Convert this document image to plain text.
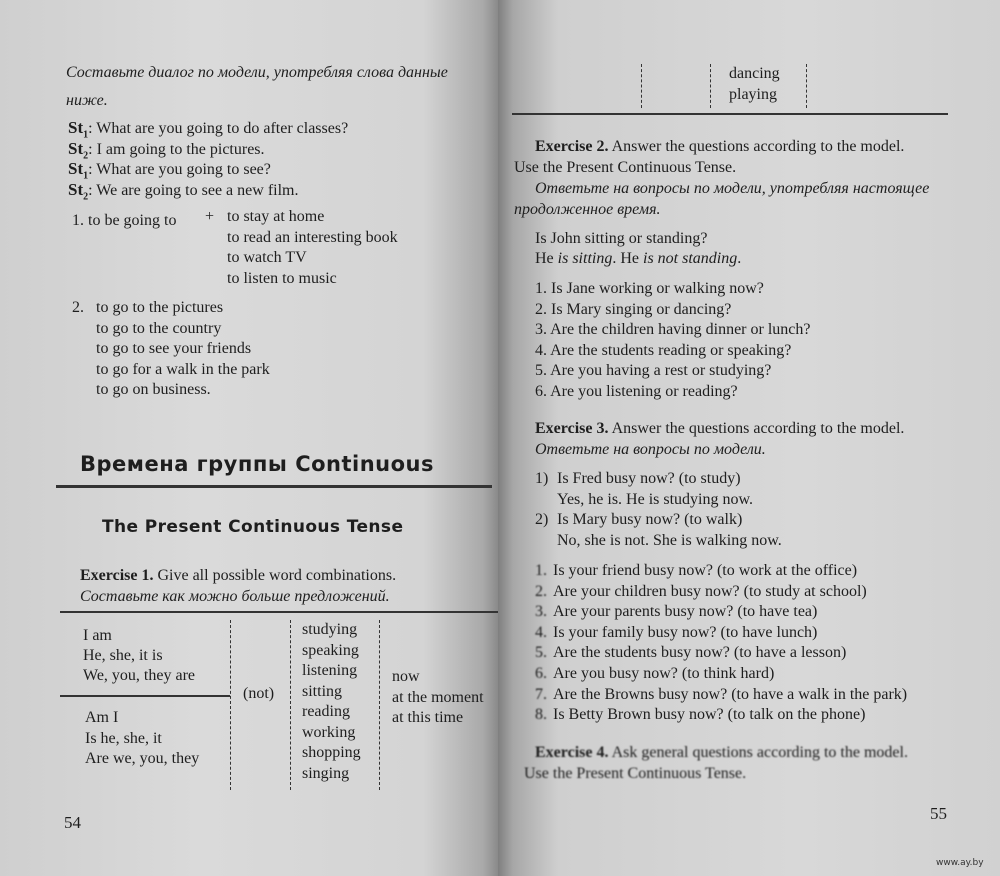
Составьте диалог по модели, употребляя слова данные
ниже.
$St_1$: What are you going to do after classes?
$St_2$: I am going to the pictures.
$St_1$: What are you going to see?
$St_2$: We are going to see a new film.
1. to be going to + to stay at home
to read an interesting book
to watch TV
to listen to music
2. to go to the pictures
to go to the country
to go to see your friends
to go for a walk in the park
to go on business.
Времена группы Continuous
The Present Continuous Tense
Exercise 1. Give all possible word combinations.
Составьте как можно больше предложений.
I am
He, she, it is
We, you, they are
Am I
Is he, she, it
Are we, you, they
(not)
studying
speaking
listening
sitting
reading
working
shopping
singing
now
at the moment
at this time
54
dancing
playing
Exercise 2. Answer the questions according to the model.
Use the Present Continuous Tense.
Ответьте на вопросы по модели, употребляя настоящее
продолженное время.
Is John sitting or standing?
He is sitting. He is not standing.
1. Is Jane working or walking now?
2. Is Mary singing or dancing?
3. Are the children having dinner or lunch?
4. Are the students reading or speaking?
5. Are you having a rest or studying?
6. Are you listening or reading?
Exercise 3. Answer the questions according to the model.
Ответьте на вопросы по модели.
1) Is Fred busy now? (to study)
Yes, he is. He is studying now.
2) Is Mary busy now? (to walk)
No, she is not. She is walking now.
1. Is your friend busy now? (to work at the office)
2. Are your children busy now? (to study at school)
3. Are your parents busy now? (to have tea)
4. Is your family busy now? (to have lunch)
5. Are the students busy now? (to have a lesson)
6. Are you busy now? (to think hard)
7. Are the Browns busy now? (to have a walk in the park)
8. Is Betty Brown busy now? (to talk on the phone)
Exercise 4. Ask general questions according to the model.
Use the Present Continuous Tense.
55
www.ay.by
